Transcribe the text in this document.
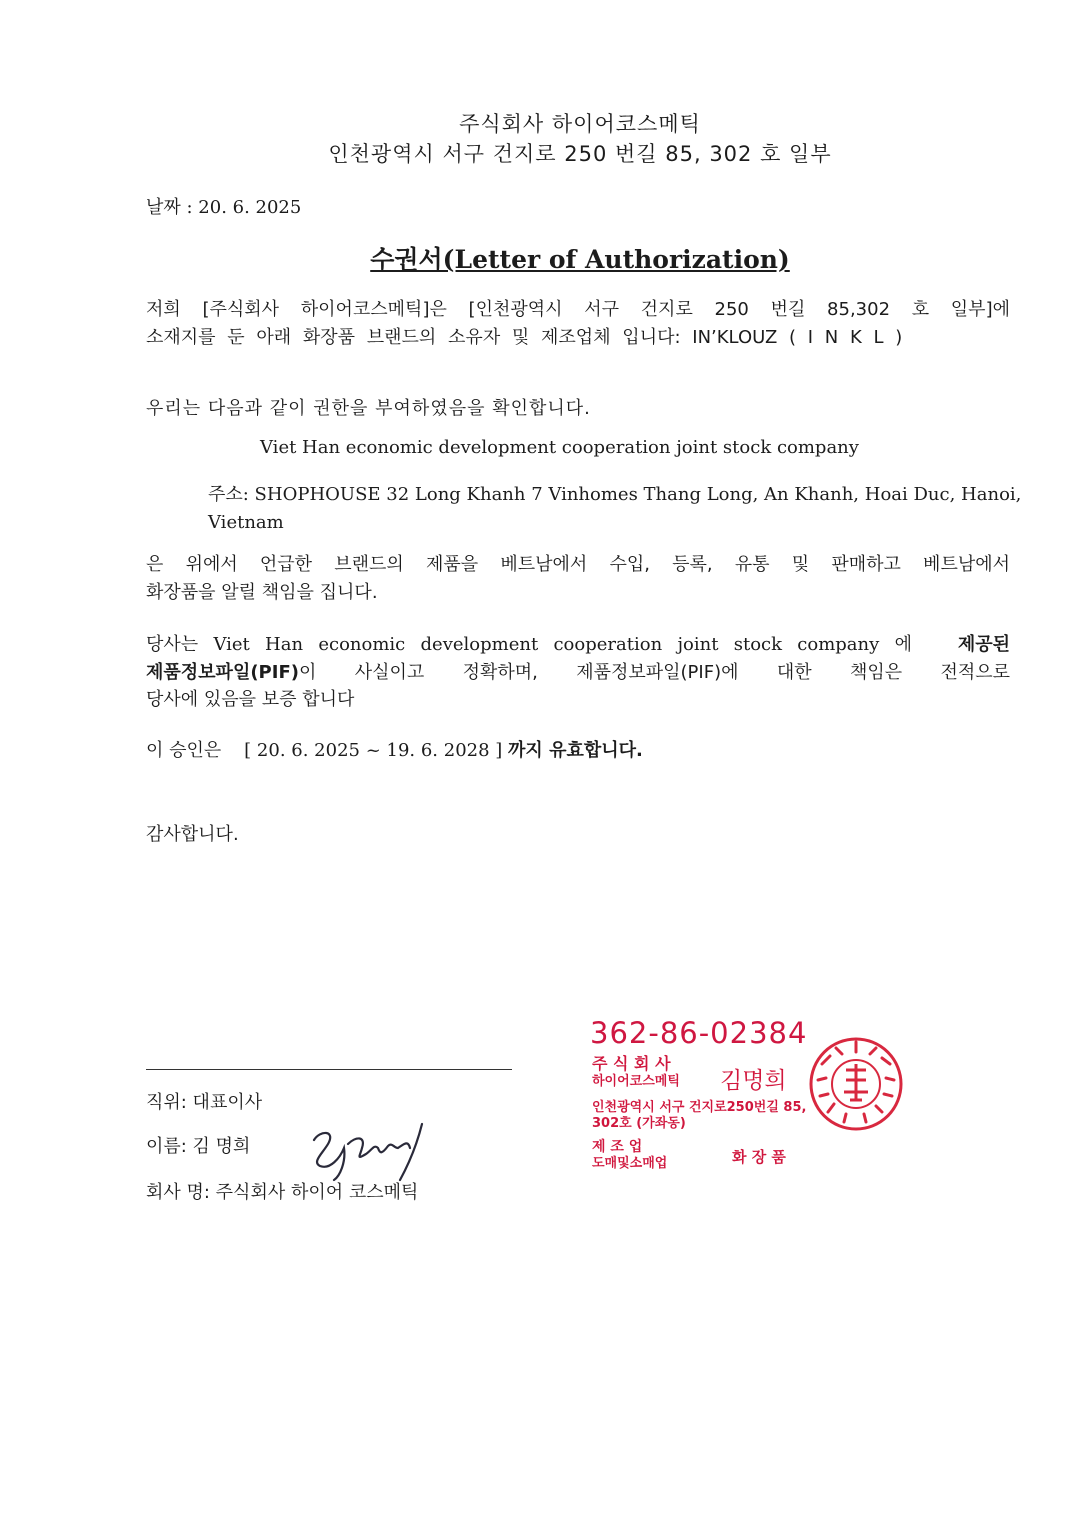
주식회사 하이어코스메틱
인천광역시 서구 건지로 250 번길 85, 302 호 일부
날짜 : 20. 6. 2025
수권서(Letter of Authorization)
저희 [주식회사 하이어코스메틱]은 [인천광역시 서구 건지로 250 번길 85,302 호 일부]에
소재지를 둔 아래 화장품 브랜드의 소유자 및 제조업체 입니다: IN’KLOUZ ( I N K L )
우리는 다음과 같이 권한을 부여하였음을 확인합니다.
Viet Han economic development cooperation joint stock company
주소: SHOPHOUSE 32 Long Khanh 7 Vinhomes Thang Long, An Khanh, Hoai Duc, Hanoi,
Vietnam
은 위에서 언급한 브랜드의 제품을 베트남에서 수입, 등록, 유통 및 판매하고 베트남에서
화장품을 알릴 책임을 집니다.
당사는 Viet Han economic development cooperation joint stock company 에	제공된
제품정보파일(PIF)이 사실이고 정확하며, 제품정보파일(PIF)에 대한 책임은 전적으로
당사에 있음을 보증 합니다
이 승인은 [ 20. 6. 2025 ~ 19. 6. 2028 ] 까지 유효합니다.
감사합니다.
직위: 대표이사
이름: 김 명희
회사 명: 주식회사 하이어 코스메틱
362-86-02384
주 식 회 사
하이어코스메틱 김명희
인천광역시 서구 건지로250번길 85,
302호 (가좌동)
제 조 업
도매및소매업	화 장 품
